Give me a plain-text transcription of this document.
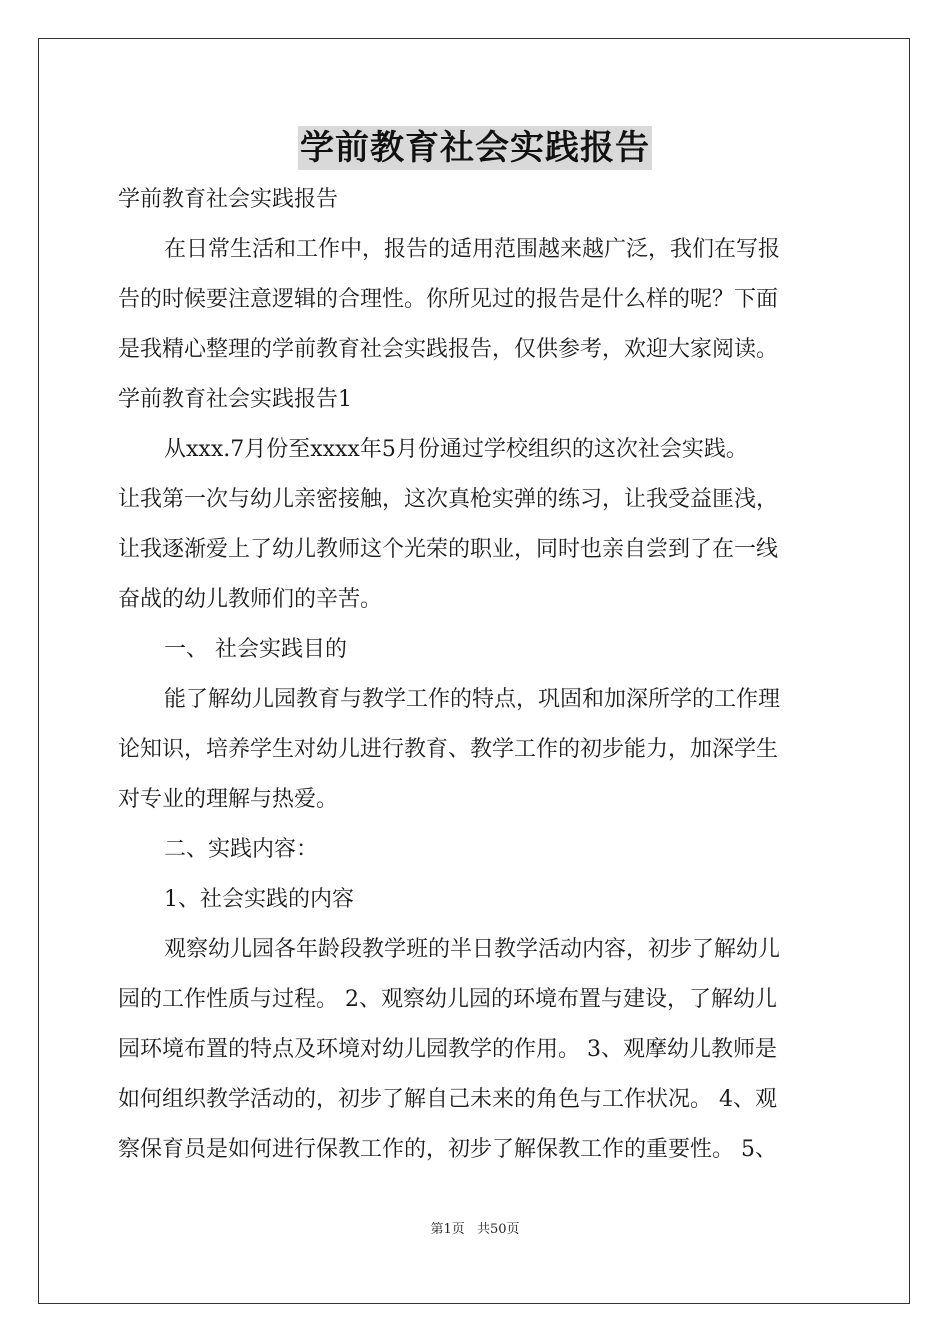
学前教育社会实践报告
学前教育社会实践报告
在日常生活和工作中，报告的适用范围越来越广泛，我们在写报
告的时候要注意逻辑的合理性。你所见过的报告是什么样的呢？下面
是我精心整理的学前教育社会实践报告，仅供参考，欢迎大家阅读。
学前教育社会实践报告1
从xxx.7月份至xxxx年5月份通过学校组织的这次社会实践。
让我第一次与幼儿亲密接触，这次真枪实弹的练习，让我受益匪浅，
让我逐渐爱上了幼儿教师这个光荣的职业，同时也亲自尝到了在一线
奋战的幼儿教师们的辛苦。
一、 社会实践目的
能了解幼儿园教育与教学工作的特点，巩固和加深所学的工作理
论知识，培养学生对幼儿进行教育、教学工作的初步能力，加深学生
对专业的理解与热爱。
二、实践内容：
1、社会实践的内容
观察幼儿园各年龄段教学班的半日教学活动内容，初步了解幼儿
园的工作性质与过程。 2、观察幼儿园的环境布置与建设，了解幼儿
园环境布置的特点及环境对幼儿园教学的作用。 3、观摩幼儿教师是
如何组织教学活动的，初步了解自己未来的角色与工作状况。 4、观
察保育员是如何进行保教工作的，初步了解保教工作的重要性。 5、
第1页 共50页
